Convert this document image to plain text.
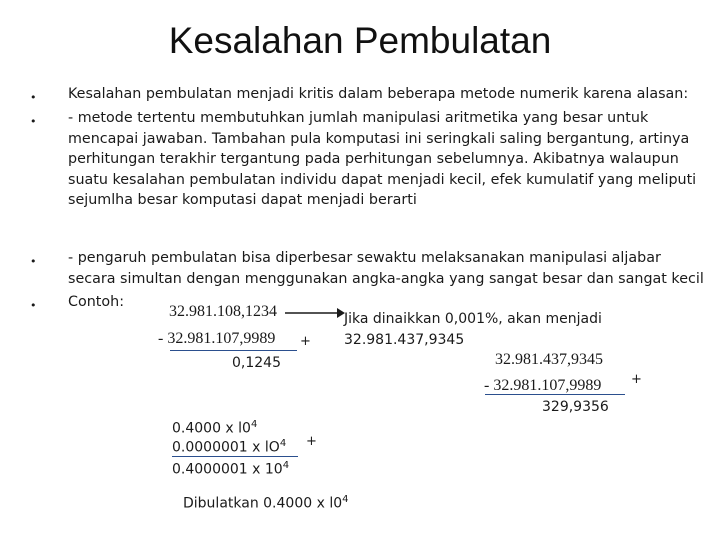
Kesalahan Pembulatan
•
•
•
•

Kesalahan pembulatan menjadi kritis dalam beberapa metode numerik karena alasan:

- metode tertentu membutuhkan jumlah manipulasi aritmetika yang besar untuk mencapai jawaban. Tambahan pula komputasi ini seringkali saling bergantung, artinya perhitungan terakhir tergantung pada perhitungan sebelumnya. Akibatnya walaupun suatu kesalahan pembulatan individu dapat menjadi kecil, efek kumulatif yang meliputi sejumlha besar komputasi dapat menjadi berarti

- pengaruh pembulatan bisa diperbesar sewaktu melaksanakan manipulasi aljabar secara simultan dengan menggunakan angka-angka yang sangat besar dan sangat kecil

Contoh:

32.981.108,1234
- 32.981.107,9989 +
0,1245
Jika dinaikkan 0,001%, akan menjadi
32.981.437,9345
32.981.437,9345
- 32.981.107,9989 +
329,9356
0.4000 x $l0^4$
0.0000001 x $lO^4$ +
0.4000001 x $10^4$
Dibulatkan 0.4000 x $l0^4$
